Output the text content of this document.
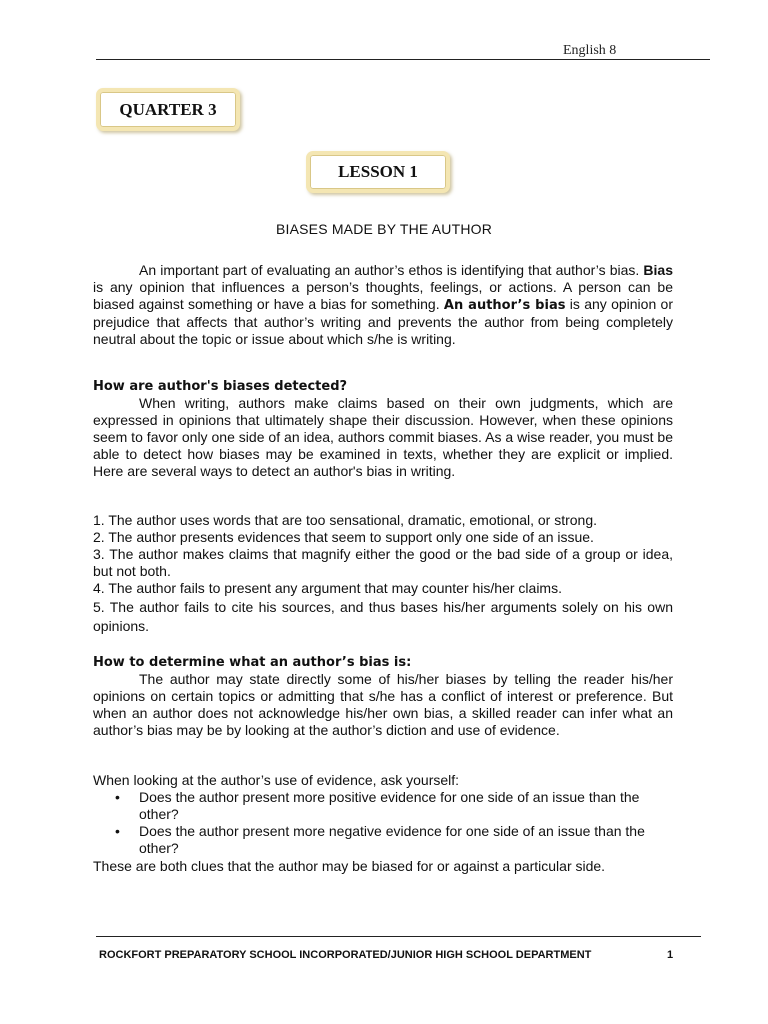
English 8
QUARTER 3
LESSON 1
BIASES MADE BY THE AUTHOR
An important part of evaluating an author’s ethos is identifying that author’s bias. Bias is any opinion that influences a person’s thoughts, feelings, or actions. A person can be biased against something or have a bias for something. An author’s bias is any opinion or prejudice that affects that author’s writing and prevents the author from being completely neutral about the topic or issue about which s/he is writing.
How are author's biases detected?
When writing, authors make claims based on their own judgments, which are expressed in opinions that ultimately shape their discussion. However, when these opinions seem to favor only one side of an idea, authors commit biases. As a wise reader, you must be able to detect how biases may be examined in texts, whether they are explicit or implied. Here are several ways to detect an author's bias in writing.

1. The author uses words that are too sensational, dramatic, emotional, or strong.

2. The author presents evidences that seem to support only one side of an issue.

3. The author makes claims that magnify either the good or the bad side of a group or idea, but not both.

4. The author fails to present any argument that may counter his/her claims.

5. The author fails to cite his sources, and thus bases his/her arguments solely on his own opinions.

How to determine what an author’s bias is:
The author may state directly some of his/her biases by telling the reader his/her opinions on certain topics or admitting that s/he has a conflict of interest or preference. But when an author does not acknowledge his/her own bias, a skilled reader can infer what an author’s bias may be by looking at the author’s diction and use of evidence.
When looking at the author’s use of evidence, ask yourself:
• Does the author present more positive evidence for one side of an issue than the other?
• Does the author present more negative evidence for one side of an issue than the other?
These are both clues that the author may be biased for or against a particular side.
ROCKFORT PREPARATORY SCHOOL INCORPORATED/JUNIOR HIGH SCHOOL DEPARTMENT	1
